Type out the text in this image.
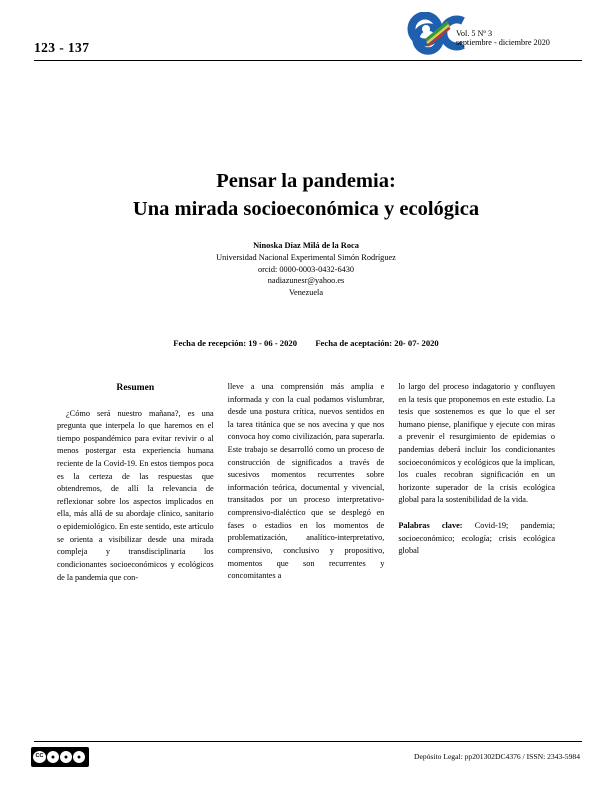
123 - 137
Vol. 5 Nº 3
septiembre - diciembre 2020
Pensar la pandemia:
Una mirada socioeconómica y ecológica
Ninoska Díaz Milá de la Roca
Universidad Nacional Experimental Simón Rodríguez
orcid: 0000-0003-0432-6430
nadiazunesr@yahoo.es
Venezuela
Fecha de recepción: 19 - 06 - 2020 Fecha de aceptación: 20- 07- 2020
Resumen

¿Cómo será nuestro mañana?, es una pregunta que interpela lo que haremos en el tiempo pospandémico para evitar revivir o al menos postergar esta experiencia humana reciente de la Covid-19. En estos tiempos poca es la certeza de las respuestas que obtendremos, de allí la relevancia de reflexionar sobre los aspectos implicados en ella, más allá de su abordaje clínico, sanitario o epidemiológico. En este sentido, este artículo se orienta a visibilizar desde una mirada compleja y transdisciplinaria los condicionantes socioeconómicos y ecológicos de la pandemia que con-

lleve a una comprensión más amplia e informada y con la cual podamos vislumbrar, desde una postura crítica, nuevos sentidos en la tarea titánica que se nos avecina y que nos convoca hoy como civilización, para superarla. Este trabajo se desarrolló como un proceso de construcción de significados a través de sucesivos momentos recurrentes sobre información teórica, documental y vivencial, transitados por un proceso interpretativo-comprensivo-dialéctico que se desplegó en fases o estadios en los momentos de problematización, analítico-interpretativo, comprensivo, conclusivo y propositivo, momentos que son recurrentes y concomitantes a

lo largo del proceso indagatorio y confluyen en la tesis que proponemos en este estudio. La tesis que sostenemos es que lo que el ser humano piense, planifique y ejecute con miras a prevenir el resurgimiento de epidemias o pandemias deberá incluir los condicionantes socioeconómicos y ecológicos que la implican, los cuales recobran significación en un horizonte superador de la crisis ecológica global para la sostenibilidad de la vida.

Palabras clave: Covid-19; pandemia; socioeconómico; ecología; crisis ecológica global

CC	●	●	●	Depósito Legal: pp201302DC4376 / ISSN: 2343-5984
